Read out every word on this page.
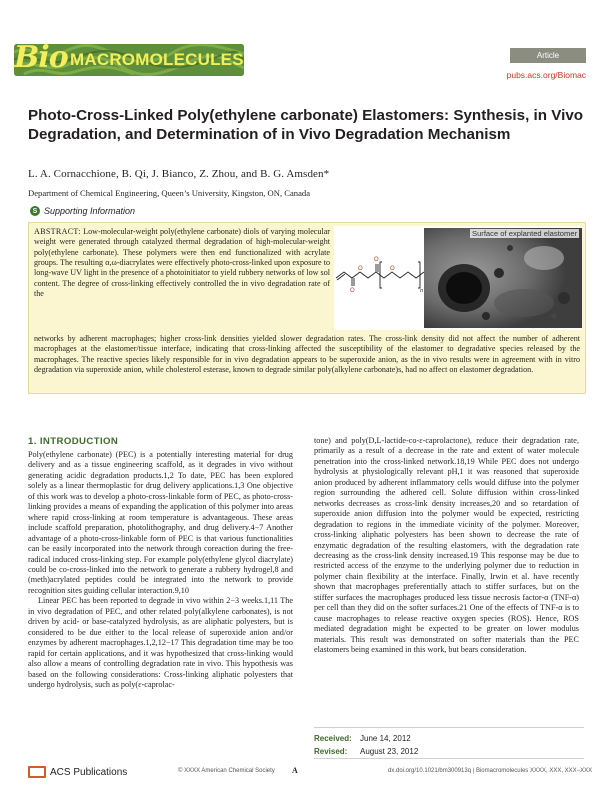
Bio MACROMOLECULES	Article
pubs.acs.org/Biomac
Photo-Cross-Linked Poly(ethylene carbonate) Elastomers: Synthesis, in Vivo Degradation, and Determination of in Vivo Degradation Mechanism
L. A. Cornacchione, B. Qi, J. Bianco, Z. Zhou, and B. G. Amsden*
Department of Chemical Engineering, Queen’s University, Kingston, ON, Canada
S Supporting Information
ABSTRACT: Low-molecular-weight poly(ethylene carbonate) diols of varying molecular weight were generated through catalyzed thermal degradation of high-molecular-weight poly(ethylene carbonate). These polymers were then end functionalized with acrylate groups. The resulting α,ω-diacrylates were effectively photo-cross-linked upon exposure to long-wave UV light in the presence of a photoinitiator to yield rubbery networks of low sol content. The degree of cross-linking effectively controlled the in vivo degradation rate of the	O
O
O
O
n
Surface of explanted elastomer
networks by adherent macrophages; higher cross-link densities yielded slower degradation rates. The cross-link density did not affect the number of adherent macrophages at the elastomer/tissue interface, indicating that cross-linking affected the susceptibility of the elastomer to degradative species released by the macrophages. The reactive species likely responsible for in vivo degradation appears to be superoxide anion, as the in vivo results were in agreement with in vitro degradation via superoxide anion, while cholesterol esterase, known to degrade similar poly(alkylene carbonate)s, had no affect on elastomer degradation.
1. INTRODUCTION

Poly(ethylene carbonate) (PEC) is a potentially interesting material for drug delivery and as a tissue engineering scaffold, as it degrades in vivo without generating acidic degradation products.1,2 To date, PEC has been explored solely as a linear thermoplastic for drug delivery applications.1,3 One objective of this work was to develop a photo-cross-linkable form of PEC, as photo-cross-linking provides a means of expanding the application of this polymer into areas where rapid cross-linking at room temperature is advantageous. These areas include scaffold preparation, photolithography, and drug delivery.4−7 Another advantage of a photo-cross-linkable form of PEC is that various functionalities can be easily incorporated into the network through coreaction during the free-radical induced cross-linking step. For example poly(ethylene glycol diacrylate) could be co-cross-linked into the network to generate a rubbery hydrogel,8 and (meth)acrylated peptides could be integrated into the network to provide recognition sites guiding cellular interaction.9,10

Linear PEC has been reported to degrade in vivo within 2−3 weeks.1,11 The in vivo degradation of PEC, and other related poly(alkylene carbonates), is not driven by acid- or base-catalyzed hydrolysis, as are aliphatic polyesters, but is considered to be due either to the local release of superoxide anion and/or enzymes by adherent macrophages.1,2,12−17 This degradation time may be too rapid for certain applications, and it was hypothesized that cross-linking would also allow a means of controlling degradation rate in vivo. This hypothesis was based on the following considerations: Cross-linking aliphatic polyesters that undergo hydrolysis, such as poly(ε-caprolac-

tone) and poly(D,L-lactide-co-ε-caprolactone), reduce their degradation rate, primarily as a result of a decrease in the rate and extent of water molecule penetration into the cross-linked network.18,19 While PEC does not undergo hydrolysis at physiologically relevant pH,1 it was reasoned that superoxide anion produced by adherent inflammatory cells would diffuse into the polymer region surrounding the adhered cell. Solute diffusion within cross-linked networks decreases as cross-link density increases,20 and so retardation of superoxide anion diffusion into the polymer would be expected, restricting degradation to regions in the immediate vicinity of the polymer. Moreover, cross-linking aliphatic polyesters has been shown to decrease the rate of enzymatic degradation of the resulting elastomers, with the degradation rate decreasing as the cross-link density increased.19 This response may be due to restricted access of the enzyme to the underlying polymer due to reduction in polymer chain flexibility at the interface. Finally, Irwin et al. have recently shown that macrophages preferentially attach to stiffer surfaces, but on the stiffer surfaces the macrophages produced less tissue necrosis factor-α (TNF-α) per cell than they did on the softer surfaces.21 One of the effects of TNF-α is to cause macrophages to release reactive oxygen species (ROS). Hence, ROS mediated degradation might be expected to be greater on lower modulus materials. This result was demonstrated on softer materials than the PEC elastomers being examined in this work, but bears consideration.

Received: June 14, 2012
Revised: August 23, 2012
ACS Publications	© XXXX American Chemical Society A	dx.doi.org/10.1021/bm300913q | Biomacromolecules XXXX, XXX, XXX−XXX
